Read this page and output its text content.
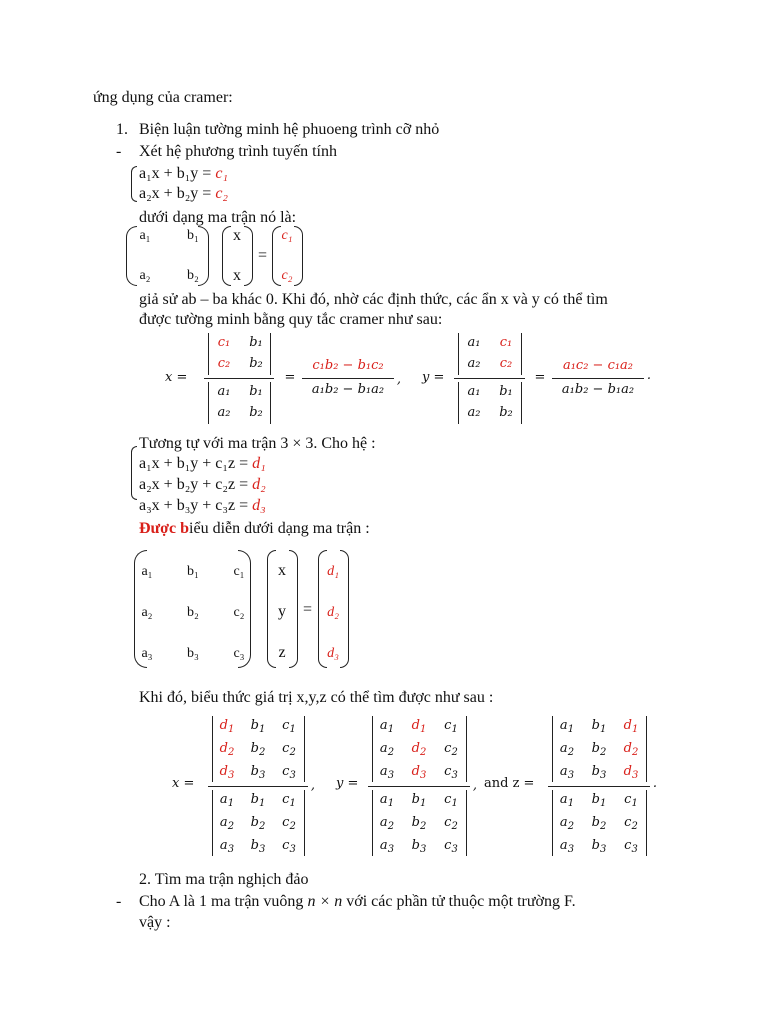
ứng dụng của cramer:
1. Biện luận tường minh hệ phuoeng trình cỡ nhỏ
- Xét hệ phương trình tuyến tính
a₁x + b₁y = c₁
a₂x + b₂y = c₂
dưới dạng ma trận nó là:
a₁	b₁
a₂	b₂
x
x
=
c₁
c₂
giả sử ab – ba khác 0. Khi đó, nhờ các định thức, các ẩn x và y có thể tìm
được tường minh bằng quy tắc cramer như sau:
x =
c₁	b₁
c₂	b₂
a₁	b₁
a₂	b₂
=
c₁b₂ − b₁c₂
a₁b₂ − b₁a₂
, y =
a₁	c₁
a₂	c₂
a₁	b₁
a₂	b₂
=
a₁c₂ − c₁a₂
a₁b₂ − b₁a₂
.
Tương tự với ma trận 3 × 3. Cho hệ :
a₁x + b₁y + c₁z = d₁
a₂x + b₂y + c₂z = d₂
a₃x + b₃y + c₃z = d₃
Được biểu diễn dưới dạng ma trận :
a₁	b₁	c₁
a₂	b₂	c₂
a₃	b₃	c₃
x
y
z
=
d₁
d₂
d₃
Khi đó, biểu thức giá trị x,y,z có thể tìm được như sau :
x =
$d_1$	$b_1$	$c_1$
$d_2$	$b_2$	$c_2$
$d_3$	$b_3$	$c_3$
$a_1$	$b_1$	$c_1$
$a_2$	$b_2$	$c_2$
$a_3$	$b_3$	$c_3$
, y =
$a_1$	$d_1$	$c_1$
$a_2$	$d_2$	$c_2$
$a_3$	$d_3$	$c_3$
$a_1$	$b_1$	$c_1$
$a_2$	$b_2$	$c_2$
$a_3$	$b_3$	$c_3$
, and z =
$a_1$	$b_1$	$d_1$
$a_2$	$b_2$	$d_2$
$a_3$	$b_3$	$d_3$
$a_1$	$b_1$	$c_1$
$a_2$	$b_2$	$c_2$
$a_3$	$b_3$	$c_3$
.
2. Tìm ma trận nghịch đảo
- Cho A là 1 ma trận vuông n × n với các phần tử thuộc một trường F.
vậy :
